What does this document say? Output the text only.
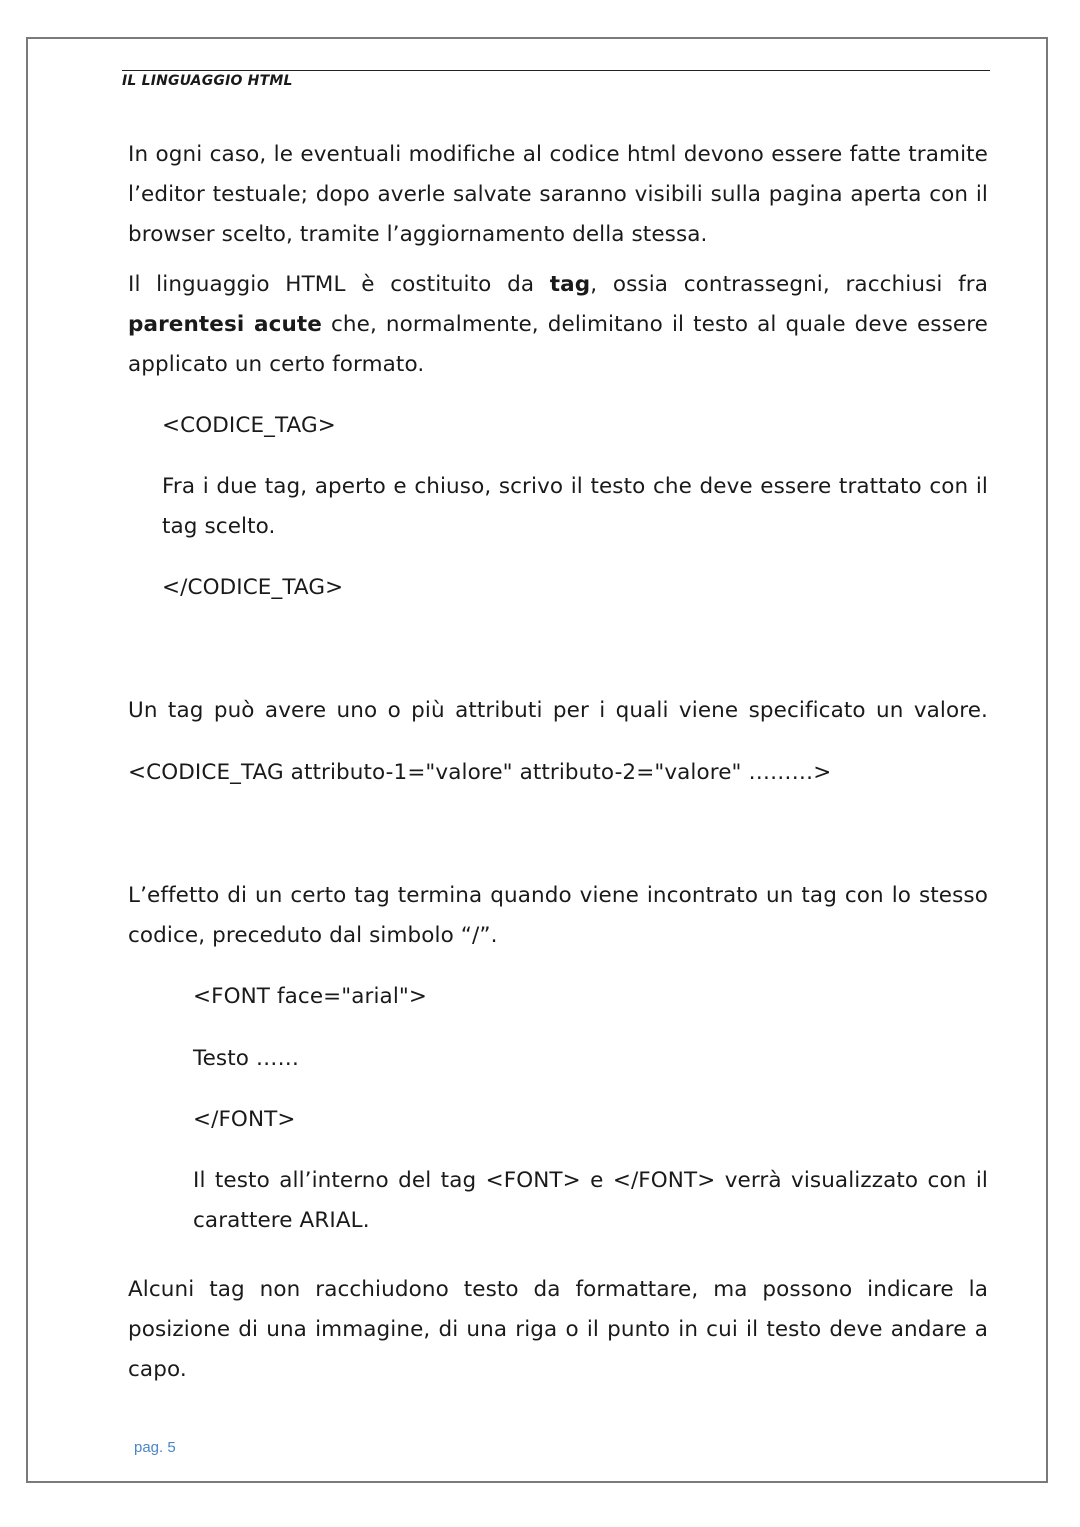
IL LINGUAGGIO HTML
In ogni caso, le eventuali modifiche al codice html devono essere fatte tramite
l’editor testuale; dopo averle salvate saranno visibili sulla pagina aperta con il
browser scelto, tramite l’aggiornamento della stessa.
Il linguaggio HTML è costituito da tag, ossia contrassegni, racchiusi fra
parentesi acute che, normalmente, delimitano il testo al quale deve essere
applicato un certo formato.
<CODICE_TAG>
Fra i due tag, aperto e chiuso, scrivo il testo che deve essere trattato con il
tag scelto.
</CODICE_TAG>
Un tag può avere uno o più attributi per i quali viene specificato un valore.
<CODICE_TAG attributo-1="valore" attributo-2="valore" ………>
L’effetto di un certo tag termina quando viene incontrato un tag con lo stesso
codice, preceduto dal simbolo “/”.
<FONT face="arial">
Testo ……
</FONT>
Il testo all’interno del tag <FONT> e </FONT> verrà visualizzato con il
carattere ARIAL.
Alcuni tag non racchiudono testo da formattare, ma possono indicare la
posizione di una immagine, di una riga o il punto in cui il testo deve andare a
capo.
pag. 5
